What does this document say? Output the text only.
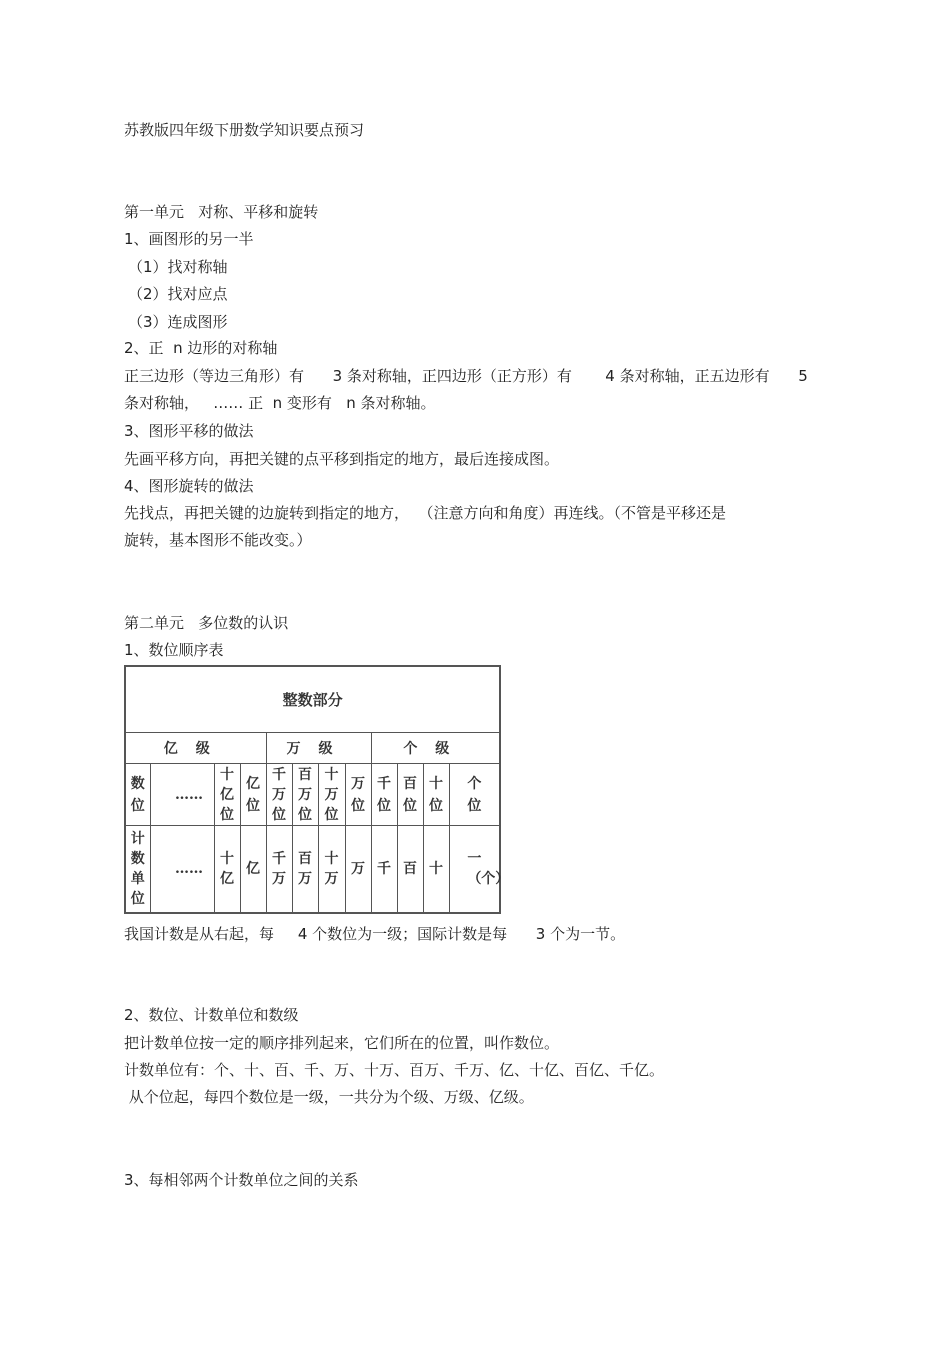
苏教版四年级下册数学知识要点预习
第一单元   对称、平移和旋转
1、画图形的另一半
（1）找对称轴
（2）找对应点
（3）连成图形
2、正  n 边形的对称轴
正三边形（等边三角形）有      3 条对称轴，正四边形（正方形）有       4 条对称轴，正五边形有      5
条对称轴，   …… 正  n 变形有   n 条对称轴。
3、图形平移的做法
先画平移方向，再把关键的点平移到指定的地方，最后连接成图。
4、图形旋转的做法
先找点，再把关键的边旋转到指定的地方，  （注意方向和角度）再连线。（不管是平移还是
旋转，基本图形不能改变。）
第二单元   多位数的认识
1、数位顺序表
整数部分											
亿级				万级				个级			
数位	……	十亿位	亿位	千万位	百万位	十万位	万位	千位	百位	十位	个位
计数单位	……	十亿	亿	千万	百万	十万	万	千	百	十	一（个）
我国计数是从右起，每     4 个数位为一级；国际计数是每      3 个为一节。
2、数位、计数单位和数级
把计数单位按一定的顺序排列起来，它们所在的位置，叫作数位。
计数单位有：个、十、百、千、万、十万、百万、千万、亿、十亿、百亿、千亿。
从个位起，每四个数位是一级，一共分为个级、万级、亿级。
3、每相邻两个计数单位之间的关系
